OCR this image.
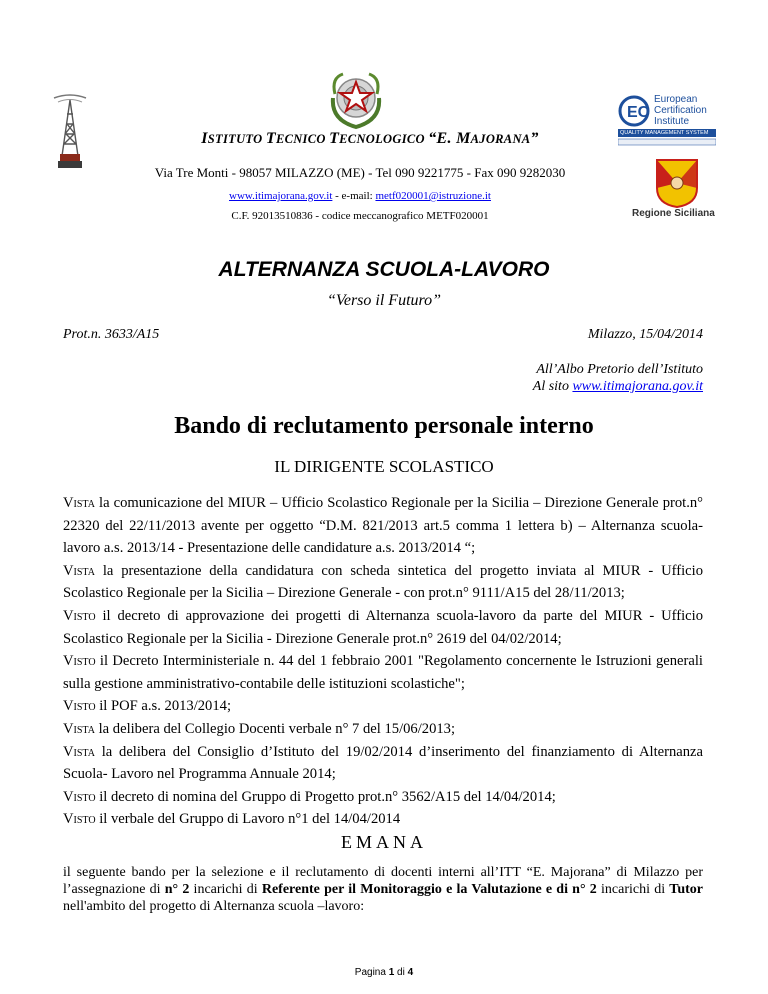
EC
European
Certification
Institute
QUALITY MANAGEMENT SYSTEM
Regione Siciliana
ISTITUTO TECNICO TECNOLOGICO “E. MAJORANA”
Via Tre Monti - 98057 MILAZZO (ME) - Tel 090 9221775 - Fax 090 9282030
www.itimajorana.gov.it - e-mail: metf020001@istruzione.it
C.F. 92013510836 - codice meccanografico METF020001
ALTERNANZA SCUOLA-LAVORO
“Verso il Futuro”
Prot.n. 3633/A15	Milazzo, 15/04/2014
All’Albo Pretorio dell’Istituto
Al sito www.itimajorana.gov.it
Bando di reclutamento personale interno
IL DIRIGENTE SCOLASTICO

Vista la comunicazione del MIUR – Ufficio Scolastico Regionale per la Sicilia – Direzione Generale prot.n° 22320 del 22/11/2013 avente per oggetto “D.M. 821/2013 art.5 comma 1 lettera b) – Alternanza scuola-lavoro a.s. 2013/14 - Presentazione delle candidature a.s. 2013/2014 “;

Vista la presentazione della candidatura con scheda sintetica del progetto inviata al MIUR - Ufficio Scolastico Regionale per la Sicilia – Direzione Generale - con prot.n° 9111/A15 del 28/11/2013;

Visto il decreto di approvazione dei progetti di Alternanza scuola-lavoro da parte del MIUR - Ufficio Scolastico Regionale per la Sicilia - Direzione Generale prot.n° 2619 del 04/02/2014;

Visto il Decreto Interministeriale n. 44 del 1 febbraio 2001 "Regolamento concernente le Istruzioni generali sulla gestione amministrativo-contabile delle istituzioni scolastiche";

Visto il POF a.s. 2013/2014;

Vista la delibera del Collegio Docenti verbale n° 7 del 15/06/2013;

Vista la delibera del Consiglio d’Istituto del 19/02/2014 d’inserimento del finanziamento di Alternanza Scuola- Lavoro nel Programma Annuale 2014;

Visto il decreto di nomina del Gruppo di Progetto prot.n° 3562/A15 del 14/04/2014;

Visto il verbale del Gruppo di Lavoro n°1 del 14/04/2014

EMANA
il seguente bando per la selezione e il reclutamento di docenti interni all’ITT “E. Majorana” di Milazzo per l’assegnazione di n° 2 incarichi di Referente per il Monitoraggio e la Valutazione e di n° 2 incarichi di Tutor nell'ambito del progetto di Alternanza scuola –lavoro:
Pagina 1 di 4
